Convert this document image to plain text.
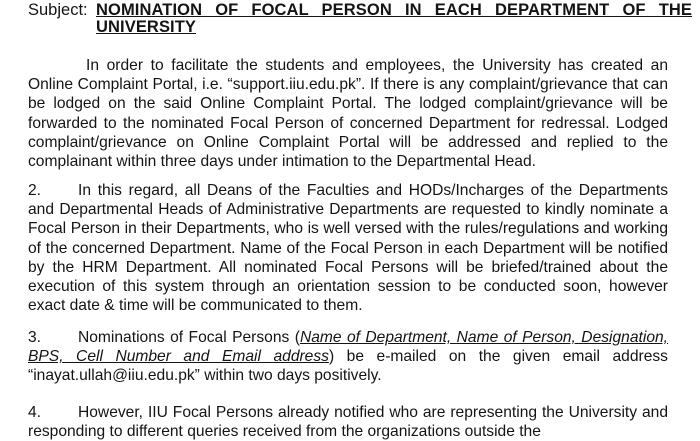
Subject: NOMINATION OF FOCAL PERSON IN EACH DEPARTMENT OF THE UNIVERSITY

In order to facilitate the students and employees, the University has created an Online Complaint Portal, i.e. “support.iiu.edu.pk”. If there is any complaint/grievance that can be lodged on the said Online Complaint Portal. The lodged complaint/grievance will be forwarded to the nominated Focal Person of concerned Department for redressal. Lodged complaint/grievance on Online Complaint Portal will be addressed and replied to the complainant within three days under intimation to the Departmental Head.

2. In this regard, all Deans of the Faculties and HODs/Incharges of the Departments and Departmental Heads of Administrative Departments are requested to kindly nominate a Focal Person in their Departments, who is well versed with the rules/regulations and working of the concerned Department. Name of the Focal Person in each Department will be notified by the HRM Department. All nominated Focal Persons will be briefed/trained about the execution of this system through an orientation session to be conducted soon, however exact date & time will be communicated to them.

3. Nominations of Focal Persons (Name of Department, Name of Person, Designation, BPS, Cell Number and Email address) be e-mailed on the given email address “inayat.ullah@iiu.edu.pk” within two days positively.

4. However, IIU Focal Persons already notified who are representing the University and responding to different queries received from the organizations outside the
